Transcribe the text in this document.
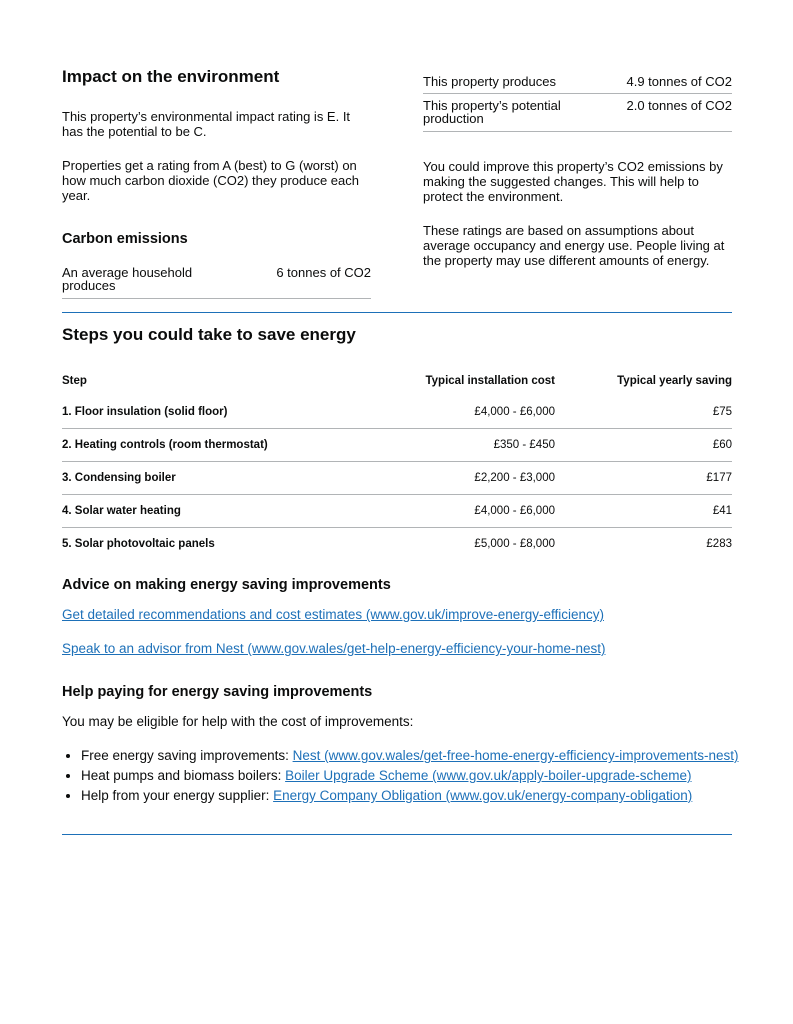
Impact on the environment

This property’s environmental impact rating is E. It has the potential to be C.

Properties get a rating from A (best) to G (worst) on how much carbon dioxide (CO2) they produce each year.

Carbon emissions
An average household produces
6 tonnes of CO2
This property produces	4.9 tonnes of CO2
This property’s potential production
2.0 tonnes of CO2

You could improve this property’s CO2 emissions by making the suggested changes. This will help to protect the environment.

These ratings are based on assumptions about average occupancy and energy use. People living at the property may use different amounts of energy.

Steps you could take to save energy
Step	Typical installation cost	Typical yearly saving
1. Floor insulation (solid floor)	£4,000 - £6,000	£75
2. Heating controls (room thermostat)	£350 - £450	£60
3. Condensing boiler	£2,200 - £3,000	£177
4. Solar water heating	£4,000 - £6,000	£41
5. Solar photovoltaic panels	£5,000 - £8,000	£283
Advice on making energy saving improvements
Get detailed recommendations and cost estimates (www.gov.uk/improve-energy-efficiency)
Speak to an advisor from Nest (www.gov.wales/get-help-energy-efficiency-your-home-nest)
Help paying for energy saving improvements

You may be eligible for help with the cost of improvements:

• Free energy saving improvements: Nest (www.gov.wales/get-free-home-energy-efficiency-improvements-nest)
• Heat pumps and biomass boilers: Boiler Upgrade Scheme (www.gov.uk/apply-boiler-upgrade-scheme)
• Help from your energy supplier: Energy Company Obligation (www.gov.uk/energy-company-obligation)
